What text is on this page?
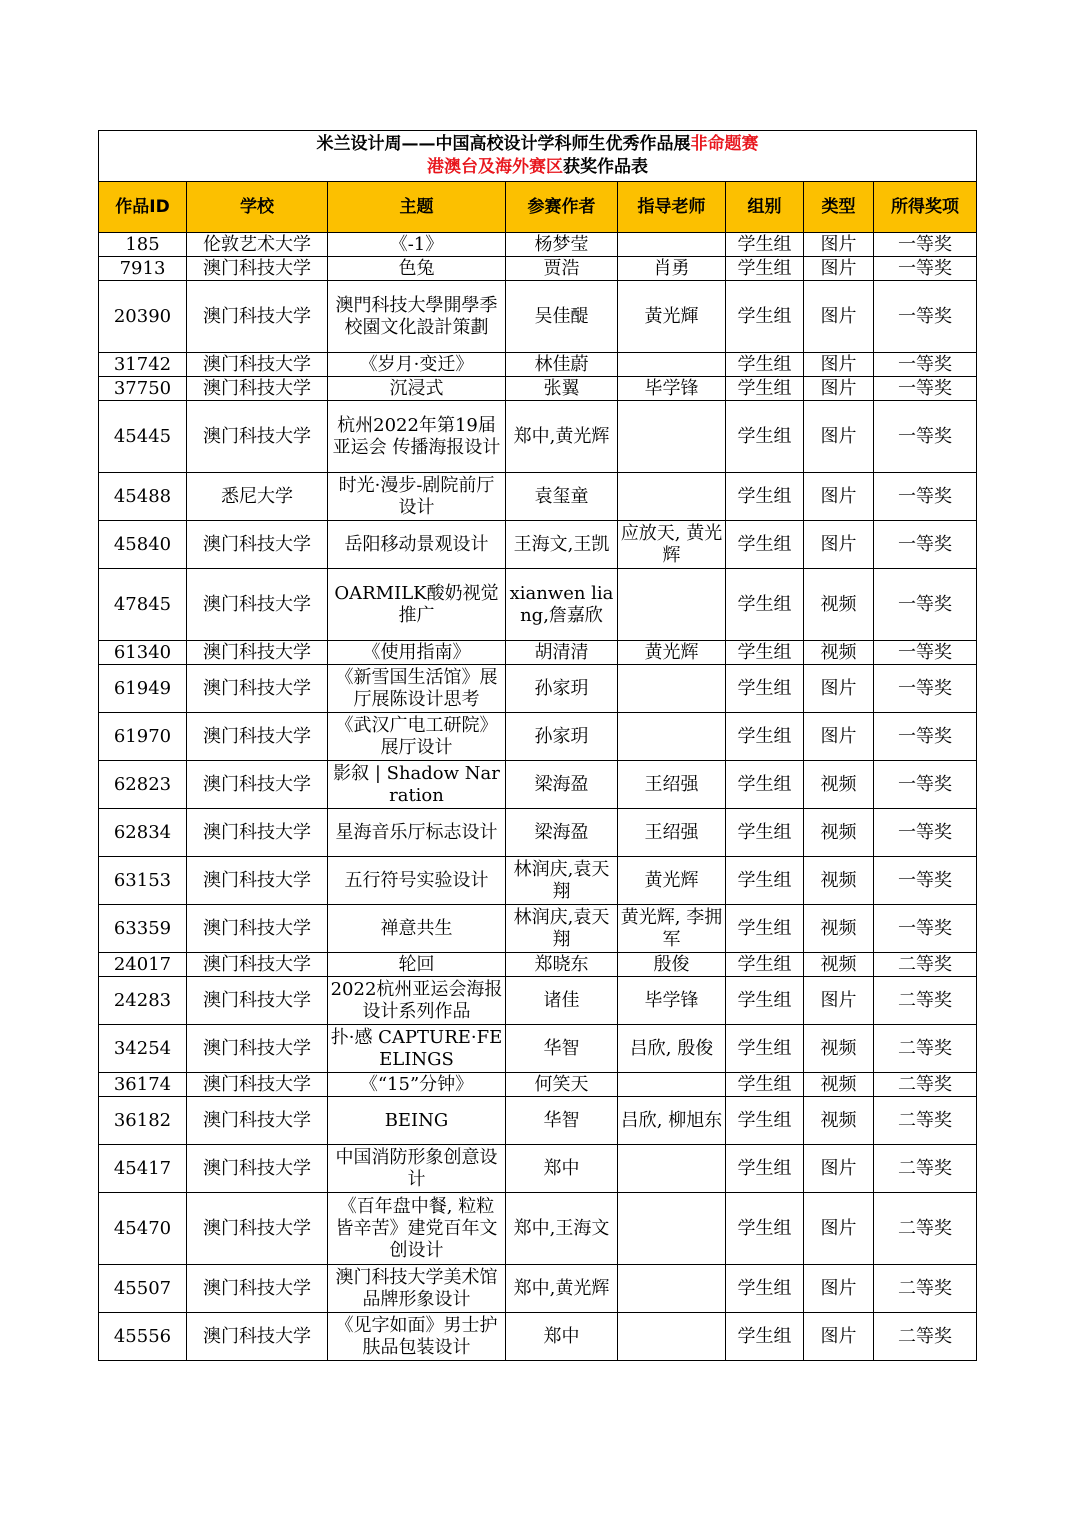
米兰设计周——中国高校设计学科师生优秀作品展非命题赛
港澳台及海外赛区获奖作品表							
作品ID	学校	主题	参赛作者	指导老师	组别	类型	所得奖项
185	伦敦艺术大学	《-1》	杨梦莹		学生组	图片	一等奖
7913	澳门科技大学	色兔	贾浩	肖勇	学生组	图片	一等奖
20390	澳门科技大学	澳門科技大學開學季校園文化設計策劃	吴佳醍	黃光輝	学生组	图片	一等奖
31742	澳门科技大学	《岁月·变迁》	林佳蔚		学生组	图片	一等奖
37750	澳门科技大学	沉浸式	张翼	毕学锋	学生组	图片	一等奖
45445	澳门科技大学	杭州2022年第19届亚运会 传播海报设计	郑中,黄光辉		学生组	图片	一等奖
45488	悉尼大学	时光·漫步-剧院前厅设计	袁玺童		学生组	图片	一等奖
45840	澳门科技大学	岳阳移动景观设计	王海文,王凯	应放天, 黄光辉	学生组	图片	一等奖
47845	澳门科技大学	OARMILK酸奶视觉推广	xianwen liang,詹嘉欣		学生组	视频	一等奖
61340	澳门科技大学	《使用指南》	胡清清	黄光辉	学生组	视频	一等奖
61949	澳门科技大学	《新雪国生活馆》展厅展陈设计思考	孙家玥		学生组	图片	一等奖
61970	澳门科技大学	《武汉广电工研院》展厅设计	孙家玥		学生组	图片	一等奖
62823	澳门科技大学	影叙 | Shadow Narration	梁海盈	王绍强	学生组	视频	一等奖
62834	澳门科技大学	星海音乐厅标志设计	梁海盈	王绍强	学生组	视频	一等奖
63153	澳门科技大学	五行符号实验设计	林润庆,袁天翔	黄光辉	学生组	视频	一等奖
63359	澳门科技大学	禅意共生	林润庆,袁天翔	黄光辉, 李拥军	学生组	视频	一等奖
24017	澳门科技大学	轮回	郑晓东	殷俊	学生组	视频	二等奖
24283	澳门科技大学	2022杭州亚运会海报设计系列作品	诸佳	毕学锋	学生组	图片	二等奖
34254	澳门科技大学	扑·感 CAPTURE·FEELINGS	华智	吕欣, 殷俊	学生组	视频	二等奖
36174	澳门科技大学	《“15”分钟》	何笑天		学生组	视频	二等奖
36182	澳门科技大学	BEING	华智	吕欣, 柳旭东	学生组	视频	二等奖
45417	澳门科技大学	中国消防形象创意设计	郑中		学生组	图片	二等奖
45470	澳门科技大学	《百年盘中餐, 粒粒皆辛苦》建党百年文创设计	郑中,王海文		学生组	图片	二等奖
45507	澳门科技大学	澳门科技大学美术馆 品牌形象设计	郑中,黄光辉		学生组	图片	二等奖
45556	澳门科技大学	《见字如面》男士护肤品包装设计	郑中		学生组	图片	二等奖
